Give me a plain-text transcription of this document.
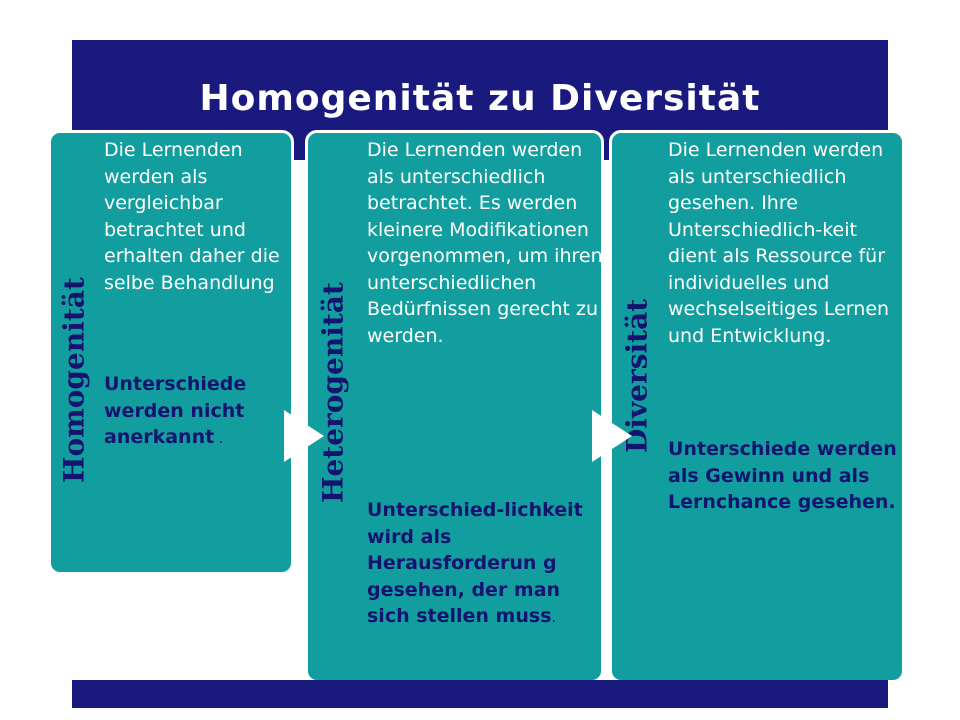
Homogenität zu Diversität
Homogenität
Die Lernenden werden als vergleichbar betrachtet und erhalten daher die selbe Behandlung
Unterschiede werden nicht anerkannt .	Heterogenität
Die Lernenden werden als unterschiedlich betrachtet. Es werden kleinere Modifikationen vorgenommen, um ihren unterschiedlichen Bedürfnissen gerecht zu werden.
Unterschied-lichkeit wird als Herausforderun g gesehen, der man sich stellen muss.
Diversität
Die Lernenden werden als unterschiedlich gesehen. Ihre Unterschiedlich-keit dient als Ressource für individuelles und wechselseitiges Lernen und Entwicklung.
Unterschiede werden als Gewinn und als Lernchance gesehen.
